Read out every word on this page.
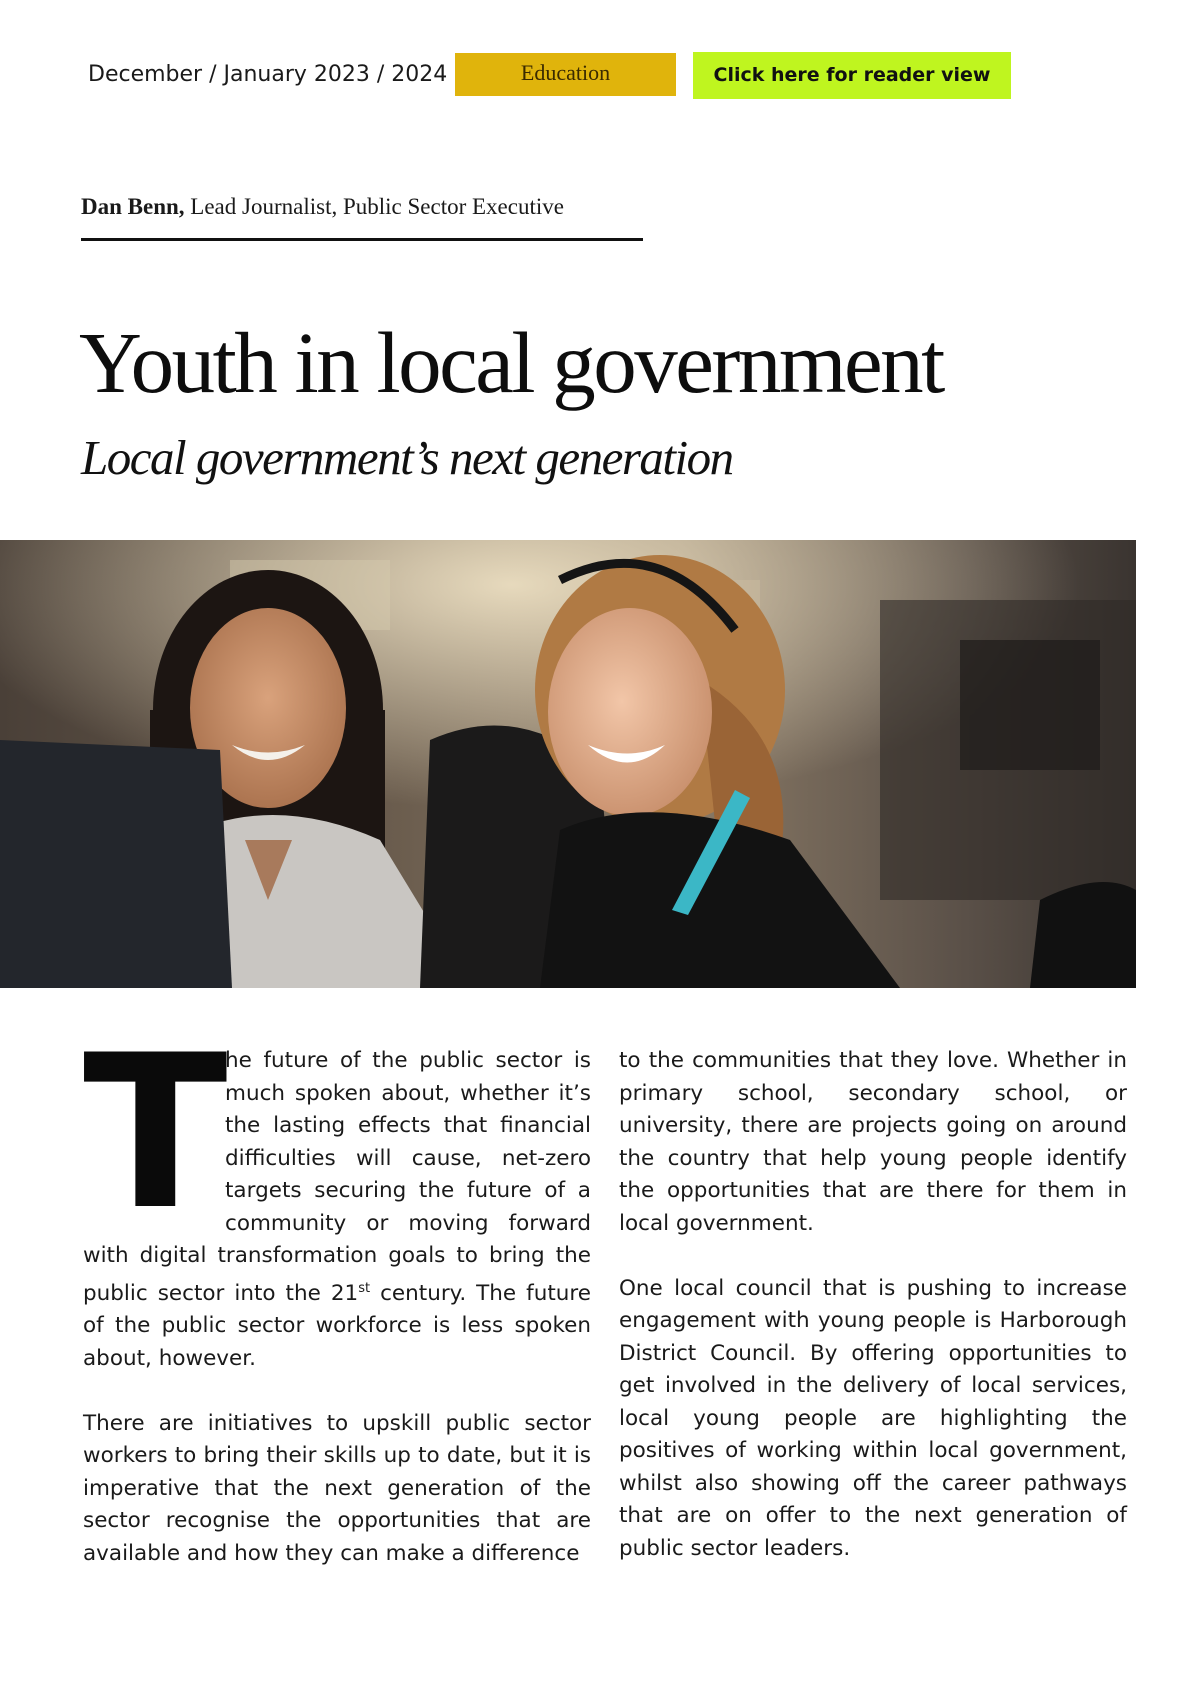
December / January 2023 / 2024	Education	Click here for reader view
Dan Benn, Lead Journalist, Public Sector Executive
Youth in local government
Local government’s next generation

T
he future of the public sector is much spoken about, whether it’s the lasting effects that financial difficulties will cause, net-zero targets securing the future of a community or moving forward with digital transformation goals to bring the public sector into the 21st century. The future of the public sector workforce is less spoken about, however.

There are initiatives to upskill public sector workers to bring their skills up to date, but it is imperative that the next generation of the sector recognise the opportunities that are available and how they can make a difference

to the communities that they love. Whether in primary school, secondary school, or university, there are projects going on around the country that help young people identify the opportunities that are there for them in local government.

One local council that is pushing to increase engagement with young people is Harborough District Council. By offering opportunities to get involved in the delivery of local services, local young people are highlighting the positives of working within local government, whilst also showing off the career pathways that are on offer to the next generation of public sector leaders.
